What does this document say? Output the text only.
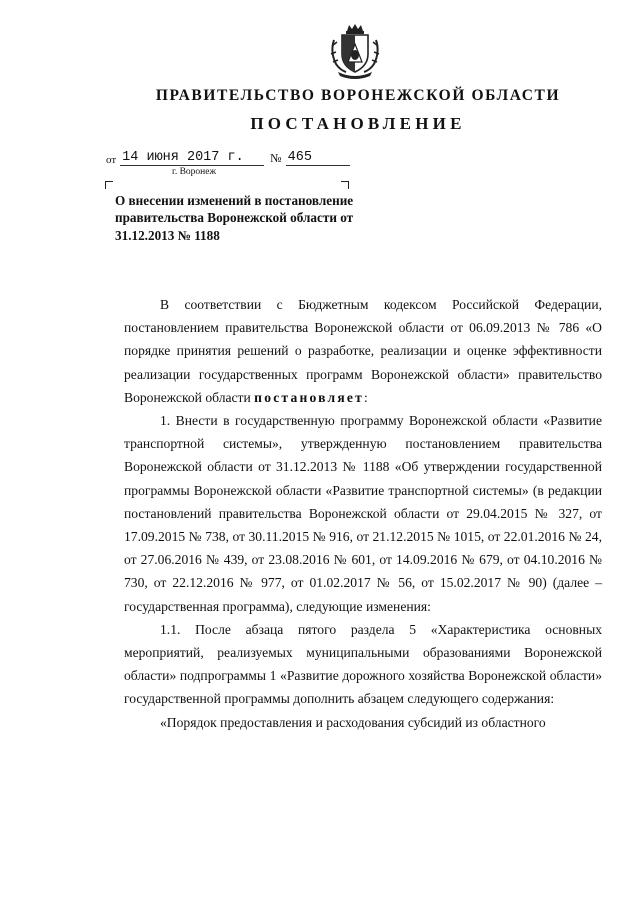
ПРАВИТЕЛЬСТВО ВОРОНЕЖСКОЙ ОБЛАСТИ
ПОСТАНОВЛЕНИЕ
от 14 июня 2017 г.	№ 465
г. Воронеж
О внесении изменений в постановление правительства Воронежской области от 31.12.2013 № 1188

В соответствии с Бюджетным кодексом Российской Федерации, постановлением правительства Воронежской области от 06.09.2013 № 786 «О порядке принятия решений о разработке, реализации и оценке эффективности реализации государственных программ Воронежской области» правительство Воронежской области постановляет:

1. Внести в государственную программу Воронежской области «Развитие транспортной системы», утвержденную постановлением правительства Воронежской области от 31.12.2013 № 1188 «Об утверждении государственной программы Воронежской области «Развитие транспортной системы» (в редакции постановлений правительства Воронежской области от 29.04.2015 № 327, от 17.09.2015 № 738, от 30.11.2015 № 916, от 21.12.2015 № 1015, от 22.01.2016 № 24, от 27.06.2016 № 439, от 23.08.2016 № 601, от 14.09.2016 № 679, от 04.10.2016 № 730, от 22.12.2016 № 977, от 01.02.2017 № 56, от 15.02.2017 № 90) (далее – государственная программа), следующие изменения:

1.1. После абзаца пятого раздела 5 «Характеристика основных мероприятий, реализуемых муниципальными образованиями Воронежской области» подпрограммы 1 «Развитие дорожного хозяйства Воронежской области» государственной программы дополнить абзацем следующего содержания:

«Порядок предоставления и расходования субсидий из областного
